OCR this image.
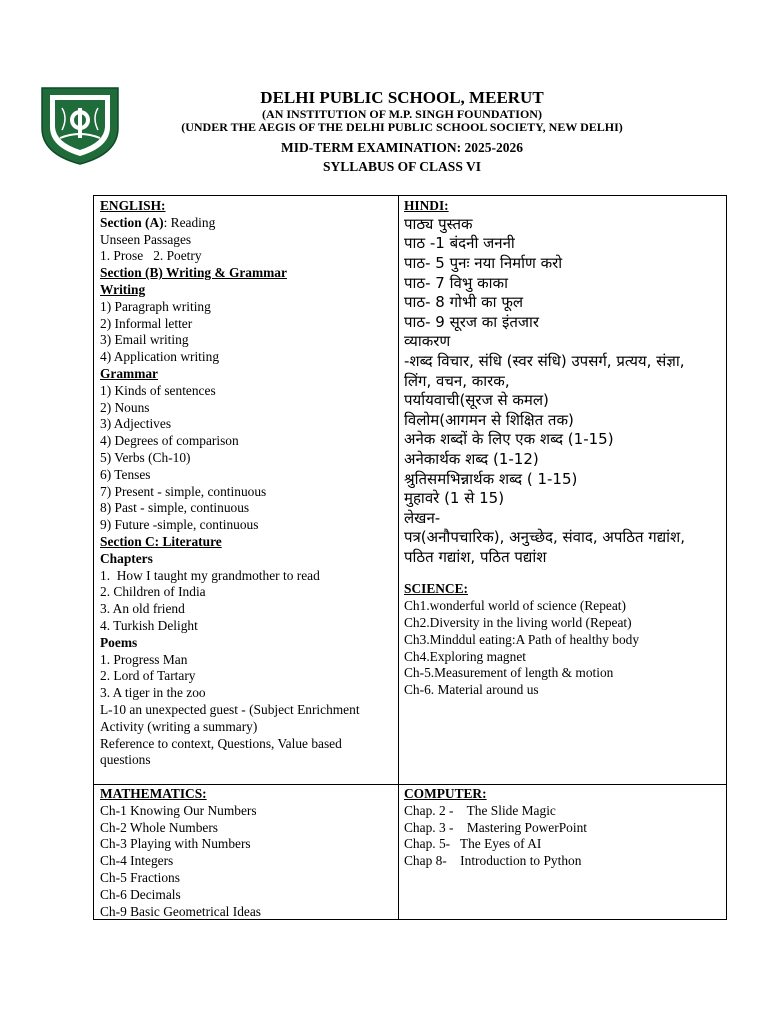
DELHI PUBLIC SCHOOL, MEERUT
(AN INSTITUTION OF M.P. SINGH FOUNDATION)
(UNDER THE AEGIS OF THE DELHI PUBLIC SCHOOL SOCIETY, NEW DELHI)
MID-TERM EXAMINATION: 2025-2026
SYLLABUS OF CLASS VI
ENGLISH:
Section (A): Reading
Unseen Passages
1. Prose   2. Poetry
Section (B) Writing & Grammar
Writing
1) Paragraph writing
2) Informal letter
3) Email writing
4) Application writing
Grammar
1) Kinds of sentences
2) Nouns
3) Adjectives
4) Degrees of comparison
5) Verbs (Ch-10)
6) Tenses
7) Present - simple, continuous
8) Past - simple, continuous
9) Future -simple, continuous
Section C: Literature
Chapters
1.  How I taught my grandmother to read
2. Children of India
3. An old friend
4. Turkish Delight
Poems
1. Progress Man
2. Lord of Tartary
3. A tiger in the zoo
L-10 an unexpected guest - (Subject Enrichment Activity (writing a summary)
Reference to context, Questions, Value based questions
HINDI:
पाठ्य पुस्तक
पाठ -1 बंदनी जननी
पाठ- 5 पुनः नया निर्माण करो
पाठ- 7 विभु काका
पाठ- 8 गोभी का फूल
पाठ- 9 सूरज का इंतजार
व्याकरण
-शब्द विचार, संधि (स्वर संधि) उपसर्ग, प्रत्यय, संज्ञा,
लिंग, वचन, कारक,
पर्यायवाची(सूरज से कमल)
विलोम(आगमन से शिक्षित तक)
अनेक शब्दों के लिए एक शब्द (1-15)
अनेकार्थक शब्द (1-12)
श्रुतिसमभिन्नार्थक शब्द ( 1-15)
मुहावरे (1 से 15)
लेखन-
पत्र(अनौपचारिक), अनुच्छेद, संवाद, अपठित गद्यांश,
पठित गद्यांश, पठित पद्यांश
SCIENCE:
Ch1.wonderful world of science (Repeat)
Ch2.Diversity in the living world (Repeat)
Ch3.Minddul eating:A Path of healthy body
Ch4.Exploring magnet
Ch-5.Measurement of length & motion
Ch-6. Material around us
MATHEMATICS:
Ch-1 Knowing Our Numbers
Ch-2 Whole Numbers
Ch-3 Playing with Numbers
Ch-4 Integers
Ch-5 Fractions
Ch-6 Decimals
Ch-9 Basic Geometrical Ideas
COMPUTER:
Chap. 2 -    The Slide Magic
Chap. 3 -    Mastering PowerPoint
Chap. 5-   The Eyes of AI
Chap 8-    Introduction to Python
